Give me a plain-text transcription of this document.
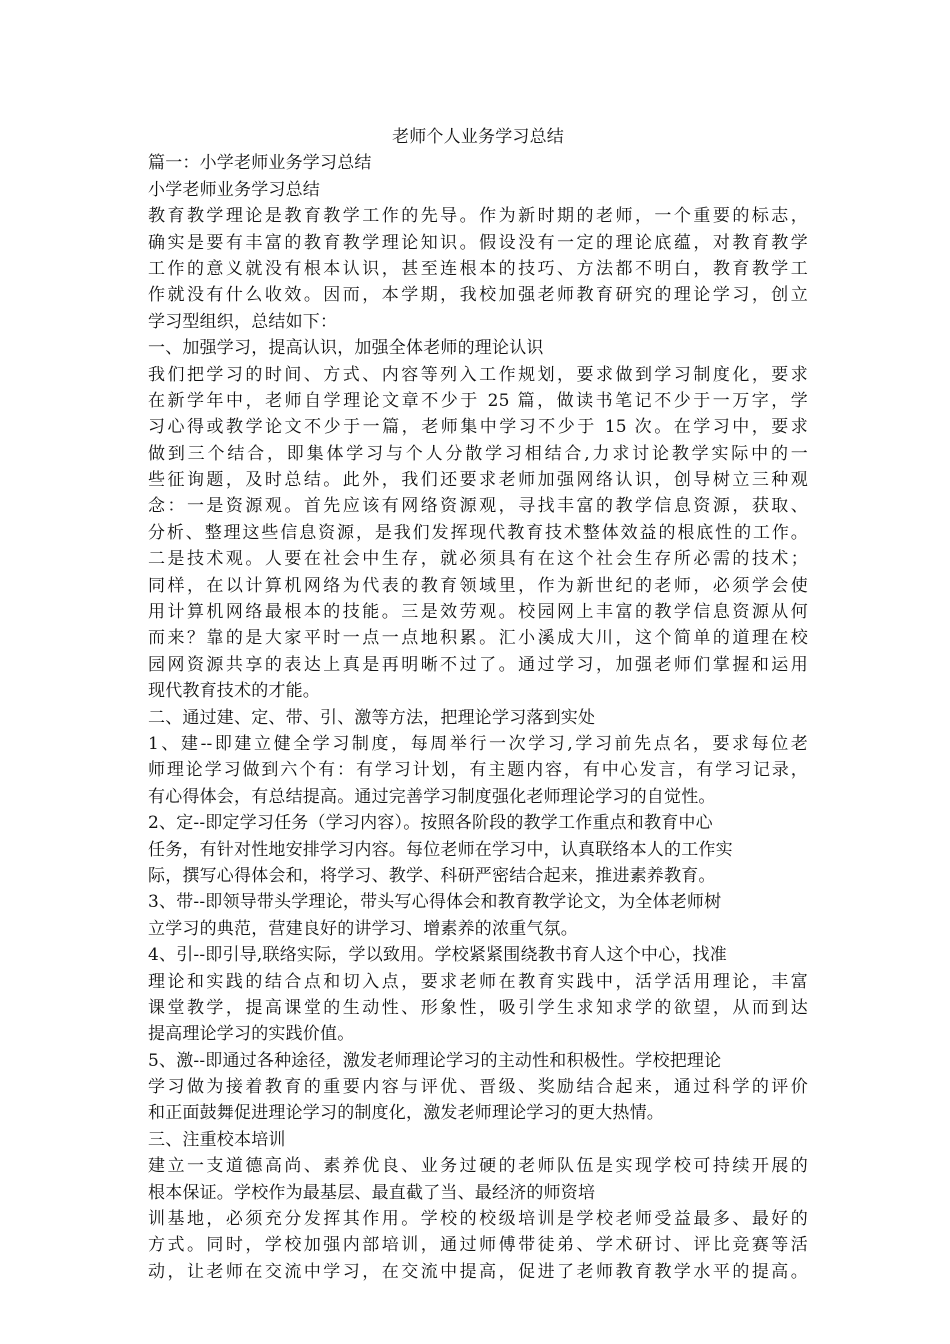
老师个人业务学习总结
篇一：小学老师业务学习总结
小学老师业务学习总结
教育教学理论是教育教学工作的先导。作为新时期的老师，一个重要的标志，
确实是要有丰富的教育教学理论知识。假设没有一定的理论底蕴，对教育教学
工作的意义就没有根本认识，甚至连根本的技巧、方法都不明白，教育教学工
作就没有什么收效。因而，本学期，我校加强老师教育研究的理论学习，创立
学习型组织，总结如下：
一、加强学习，提高认识，加强全体老师的理论认识
我们把学习的时间、方式、内容等列入工作规划，要求做到学习制度化，要求
在新学年中，老师自学理论文章不少于 25 篇，做读书笔记不少于一万字，学
习心得或教学论文不少于一篇，老师集中学习不少于 15 次。在学习中，要求
做到三个结合，即集体学习与个人分散学习相结合,力求讨论教学实际中的一
些征询题，及时总结。此外，我们还要求老师加强网络认识，创导树立三种观
念：一是资源观。首先应该有网络资源观，寻找丰富的教学信息资源，获取、
分析、整理这些信息资源，是我们发挥现代教育技术整体效益的根底性的工作。
二是技术观。人要在社会中生存，就必须具有在这个社会生存所必需的技术；
同样，在以计算机网络为代表的教育领域里，作为新世纪的老师，必须学会使
用计算机网络最根本的技能。三是效劳观。校园网上丰富的教学信息资源从何
而来？靠的是大家平时一点一点地积累。汇小溪成大川，这个简单的道理在校
园网资源共享的表达上真是再明晰不过了。通过学习，加强老师们掌握和运用
现代教育技术的才能。
二、通过建、定、带、引、激等方法，把理论学习落到实处
1、建--即建立健全学习制度，每周举行一次学习,学习前先点名，要求每位老
师理论学习做到六个有：有学习计划，有主题内容，有中心发言，有学习记录，
有心得体会，有总结提高。通过完善学习制度强化老师理论学习的自觉性。
2、定--即定学习任务（学习内容）。按照各阶段的教学工作重点和教育中心
任务，有针对性地安排学习内容。每位老师在学习中，认真联络本人的工作实
际，撰写心得体会和，将学习、教学、科研严密结合起来，推进素养教育。
3、带--即领导带头学理论，带头写心得体会和教育教学论文，为全体老师树
立学习的典范，营建良好的讲学习、增素养的浓重气氛。
4、引--即引导,联络实际，学以致用。学校紧紧围绕教书育人这个中心，找准
理论和实践的结合点和切入点，要求老师在教育实践中，活学活用理论，丰富
课堂教学，提高课堂的生动性、形象性，吸引学生求知求学的欲望，从而到达
提高理论学习的实践价值。
5、激--即通过各种途径，激发老师理论学习的主动性和积极性。学校把理论
学习做为接着教育的重要内容与评优、晋级、奖励结合起来，通过科学的评价
和正面鼓舞促进理论学习的制度化，激发老师理论学习的更大热情。
三、注重校本培训
建立一支道德高尚、素养优良、业务过硬的老师队伍是实现学校可持续开展的
根本保证。学校作为最基层、最直截了当、最经济的师资培
训基地，必须充分发挥其作用。学校的校级培训是学校老师受益最多、最好的
方式。同时，学校加强内部培训，通过师傅带徒弟、学术研讨、评比竞赛等活
动，让老师在交流中学习，在交流中提高，促进了老师教育教学水平的提高。
